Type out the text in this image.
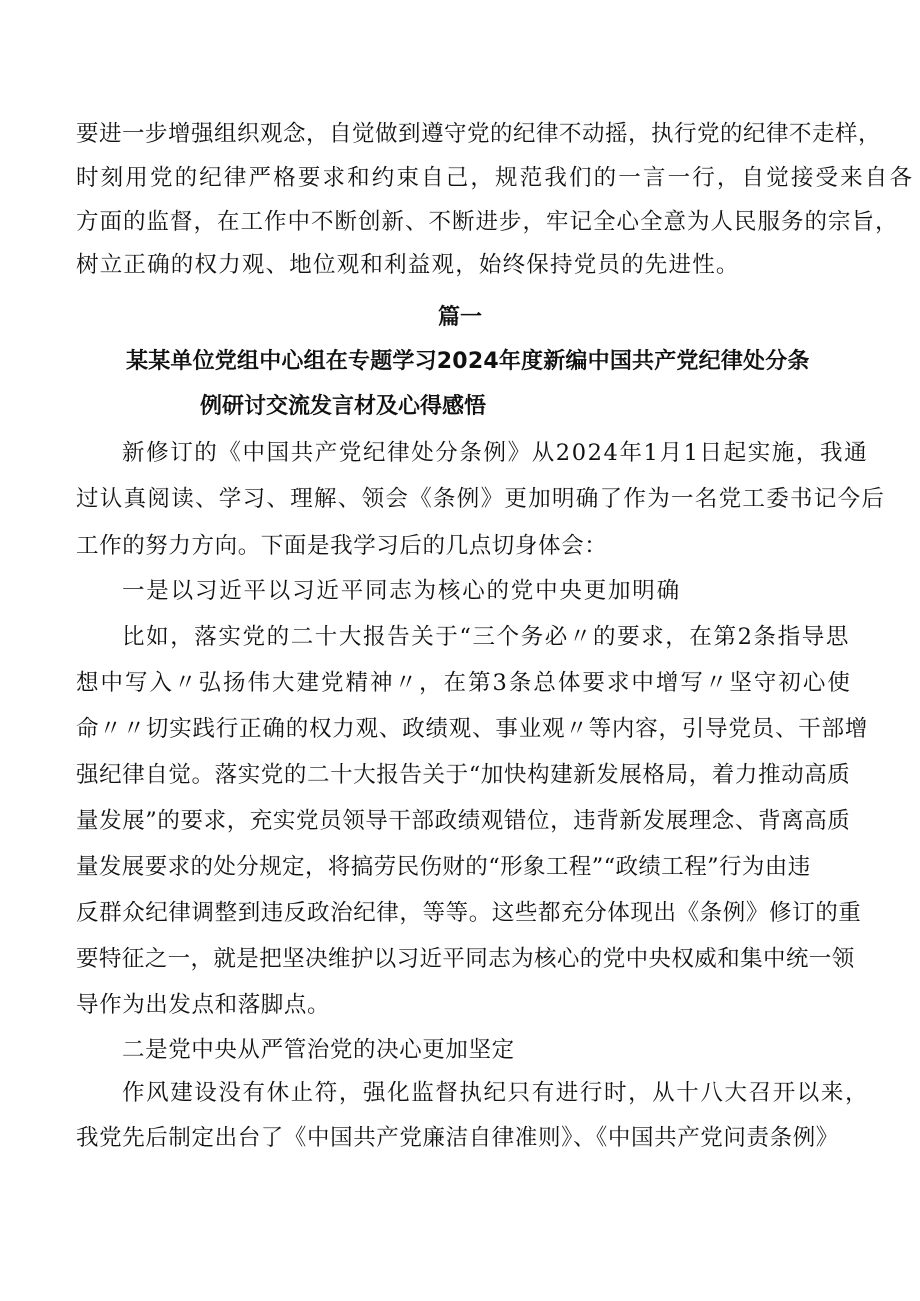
要进一步增强组织观念，自觉做到遵守党的纪律不动摇，执行党的纪律不走样，
时刻用党的纪律严格要求和约束自己，规范我们的一言一行，自觉接受来自各
方面的监督，在工作中不断创新、不断进步，牢记全心全意为人民服务的宗旨，
树立正确的权力观、地位观和利益观，始终保持党员的先进性。
篇一
某某单位党组中心组在专题学习2024年度新编中国共产党纪律处分条
例研讨交流发言材及心得感悟
新修订的《中国共产党纪律处分条例》从2024年1月1日起实施，我通
过认真阅读、学习、理解、领会《条例》更加明确了作为一名党工委书记今后
工作的努力方向。下面是我学习后的几点切身体会：
一是以习近平以习近平同志为核心的党中央更加明确
比如，落实党的二十大报告关于“三个务必〃的要求，在第2条指导思
想中写入〃弘扬伟大建党精神〃，在第3条总体要求中增写〃坚守初心使
命〃〃切实践行正确的权力观、政绩观、事业观〃等内容，引导党员、干部增
强纪律自觉。落实党的二十大报告关于“加快构建新发展格局，着力推动高质
量发展”的要求，充实党员领导干部政绩观错位，违背新发展理念、背离高质
量发展要求的处分规定，将搞劳民伤财的“形象工程”“政绩工程”行为由违
反群众纪律调整到违反政治纪律，等等。这些都充分体现出《条例》修订的重
要特征之一，就是把坚决维护以习近平同志为核心的党中央权威和集中统一领
导作为出发点和落脚点。
二是党中央从严管治党的决心更加坚定
作风建设没有休止符，强化监督执纪只有进行时，从十八大召开以来，
我党先后制定出台了《中国共产党廉洁自律准则》、《中国共产党问责条例》
